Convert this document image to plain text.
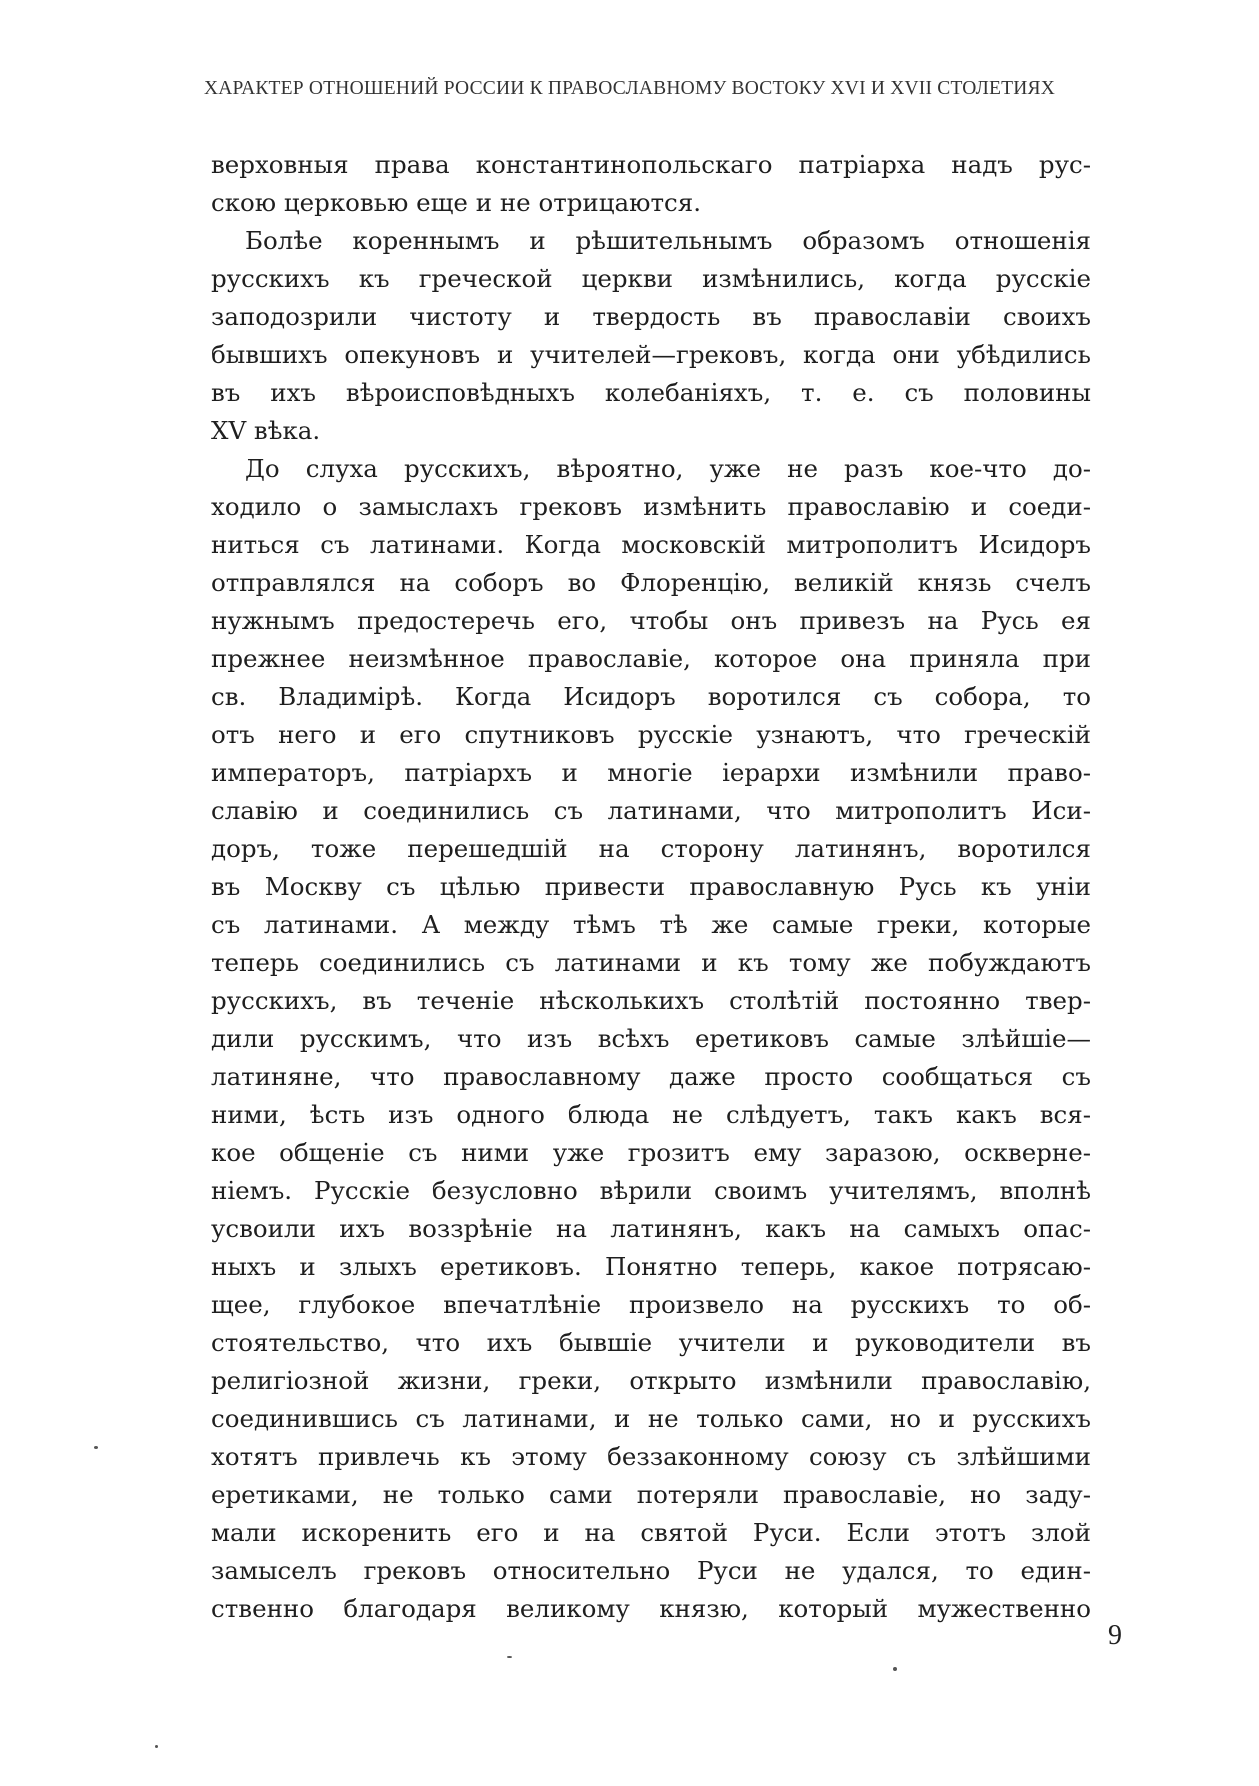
ХАРАКТЕР ОТНОШЕНИЙ РОССИИ К ПРАВОСЛАВНОМУ ВОСТОКУ XVI И XVII СТОЛЕТИЯХ
верховныя права константинопольскаго патріарха надъ рус-
скою церковью еще и не отрицаются.
Болѣе кореннымъ и рѣшительнымъ образомъ отношенія
русскихъ къ греческой церкви измѣнились, когда русскіе
заподозрили чистоту и твердость въ православіи своихъ
бывшихъ опекуновъ и учителей—грековъ, когда они убѣдились
въ ихъ вѣроисповѣдныхъ колебаніяхъ, т. е. съ половины
XV вѣка.
До слуха русскихъ, вѣроятно, уже не разъ кое-что до-
ходило о замыслахъ грековъ измѣнить православію и соеди-
ниться съ латинами. Когда московскій митрополитъ Исидоръ
отправлялся на соборъ во Флоренцію, великій князь счелъ
нужнымъ предостеречь его, чтобы онъ привезъ на Русь ея
прежнее неизмѣнное православіе, которое она приняла при
св. Владимірѣ. Когда Исидоръ воротился съ собора, то
отъ него и его спутниковъ русскіе узнаютъ, что греческій
императоръ, патріархъ и многіе іерархи измѣнили право-
славію и соединились съ латинами, что митрополитъ Иси-
доръ, тоже перешедшій на сторону латинянъ, воротился
въ Москву съ цѣлью привести православную Русь къ уніи
съ латинами. А между тѣмъ тѣ же самые греки, которые
теперь соединились съ латинами и къ тому же побуждаютъ
русскихъ, въ теченіе нѣсколькихъ столѣтій постоянно твер-
дили русскимъ, что изъ всѣхъ еретиковъ самые злѣйшіе—
латиняне, что православному даже просто сообщаться съ
ними, ѣсть изъ одного блюда не слѣдуетъ, такъ какъ вся-
кое общеніе съ ними уже грозитъ ему заразою, оскверне-
ніемъ. Русскіе безусловно вѣрили своимъ учителямъ, вполнѣ
усвоили ихъ воззрѣніе на латинянъ, какъ на самыхъ опас-
ныхъ и злыхъ еретиковъ. Понятно теперь, какое потрясаю-
щее, глубокое впечатлѣніе произвело на русскихъ то об-
стоятельство, что ихъ бывшіе учители и руководители въ
религіозной жизни, греки, открыто измѣнили православію,
соединившись съ латинами, и не только сами, но и русскихъ
хотятъ привлечь къ этому беззаконному союзу съ злѣйшими
еретиками, не только сами потеряли православіе, но заду-
мали искоренить его и на святой Руси. Если этотъ злой
замыселъ грековъ относительно Руси не удался, то един-
ственно благодаря великому князю, который мужественно
9
